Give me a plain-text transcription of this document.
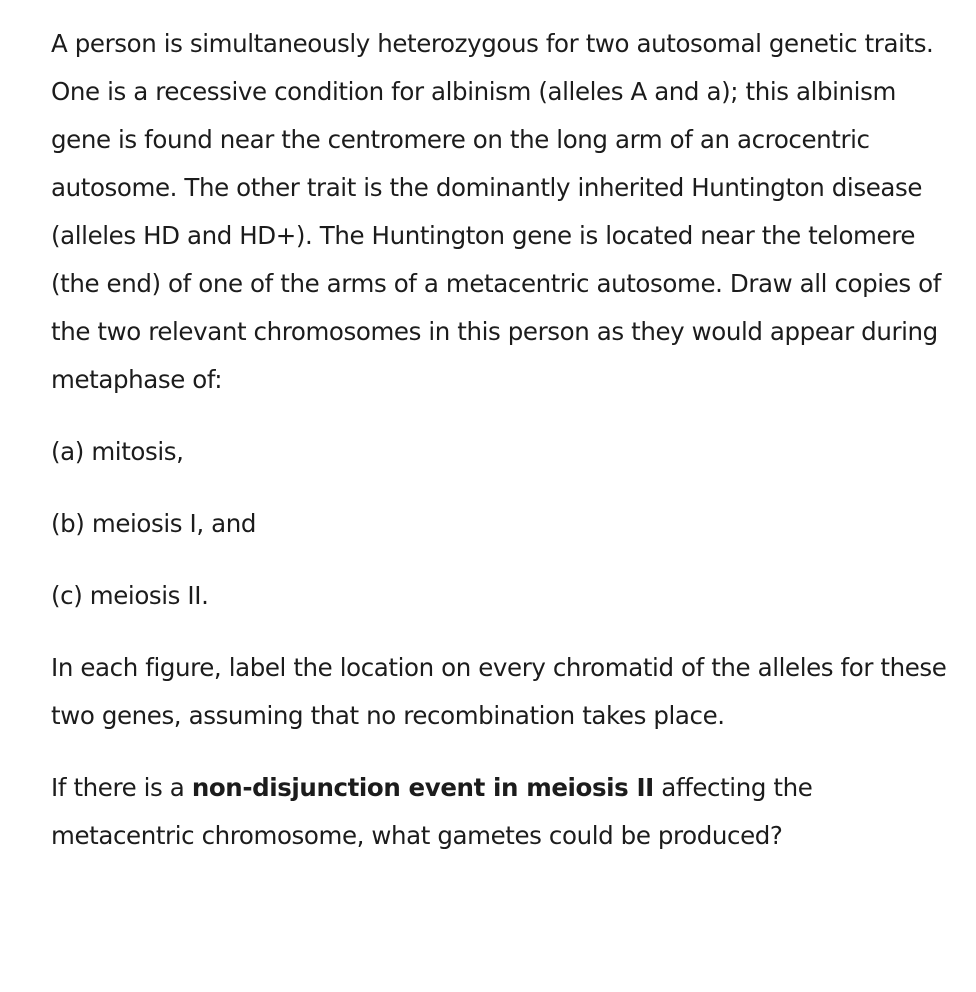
A person is simultaneously heterozygous for two autosomal genetic traits. One is a recessive condition for albinism (alleles A and a); this albinism gene is found near the centromere on the long arm of an acrocentric autosome. The other trait is the dominantly inherited Huntington disease (alleles HD and HD+). The Huntington gene is located near the telomere (the end) of one of the arms of a metacentric autosome. Draw all copies of the two relevant chromosomes in this person as they would appear during metaphase of:

(a) mitosis,

(b) meiosis I, and

(c) meiosis II.

In each figure, label the location on every chromatid of the alleles for these two genes, assuming that no recombination takes place.

If there is a non-disjunction event in meiosis II affecting the metacentric chromosome, what gametes could be produced?
